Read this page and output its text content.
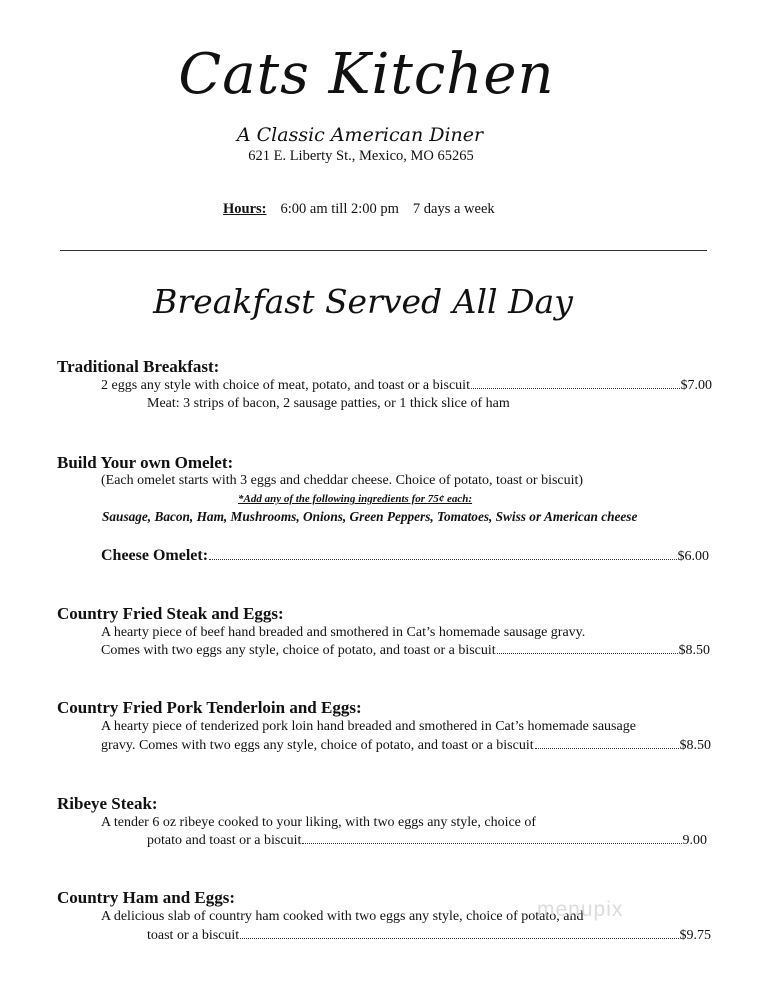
Cats Kitchen
A Classic American Diner
621 E. Liberty St., Mexico, MO 65265
Hours: 6:00 am till 2:00 pm 7 days a week
Breakfast Served All Day
Traditional Breakfast:
2 eggs any style with choice of meat, potato, and toast or a biscuit	$7.00
Meat: 3 strips of bacon, 2 sausage patties, or 1 thick slice of ham
Build Your own Omelet:
(Each omelet starts with 3 eggs and cheddar cheese. Choice of potato, toast or biscuit)
*Add any of the following ingredients for 75¢ each:
Sausage, Bacon, Ham, Mushrooms, Onions, Green Peppers, Tomatoes, Swiss or American cheese
Cheese Omelet:	$6.00
Country Fried Steak and Eggs:
A hearty piece of beef hand breaded and smothered in Cat’s homemade sausage gravy.
Comes with two eggs any style, choice of potato, and toast or a biscuit	$8.50
Country Fried Pork Tenderloin and Eggs:
A hearty piece of tenderized pork loin hand breaded and smothered in Cat’s homemade sausage
gravy. Comes with two eggs any style, choice of potato, and toast or a biscuit	$8.50
Ribeye Steak:
A tender 6 oz ribeye cooked to your liking, with two eggs any style, choice of
potato and toast or a biscuit	9.00
Country Ham and Eggs:
A delicious slab of country ham cooked with two eggs any style, choice of potato, and
toast or a biscuit	$9.75
menupix
